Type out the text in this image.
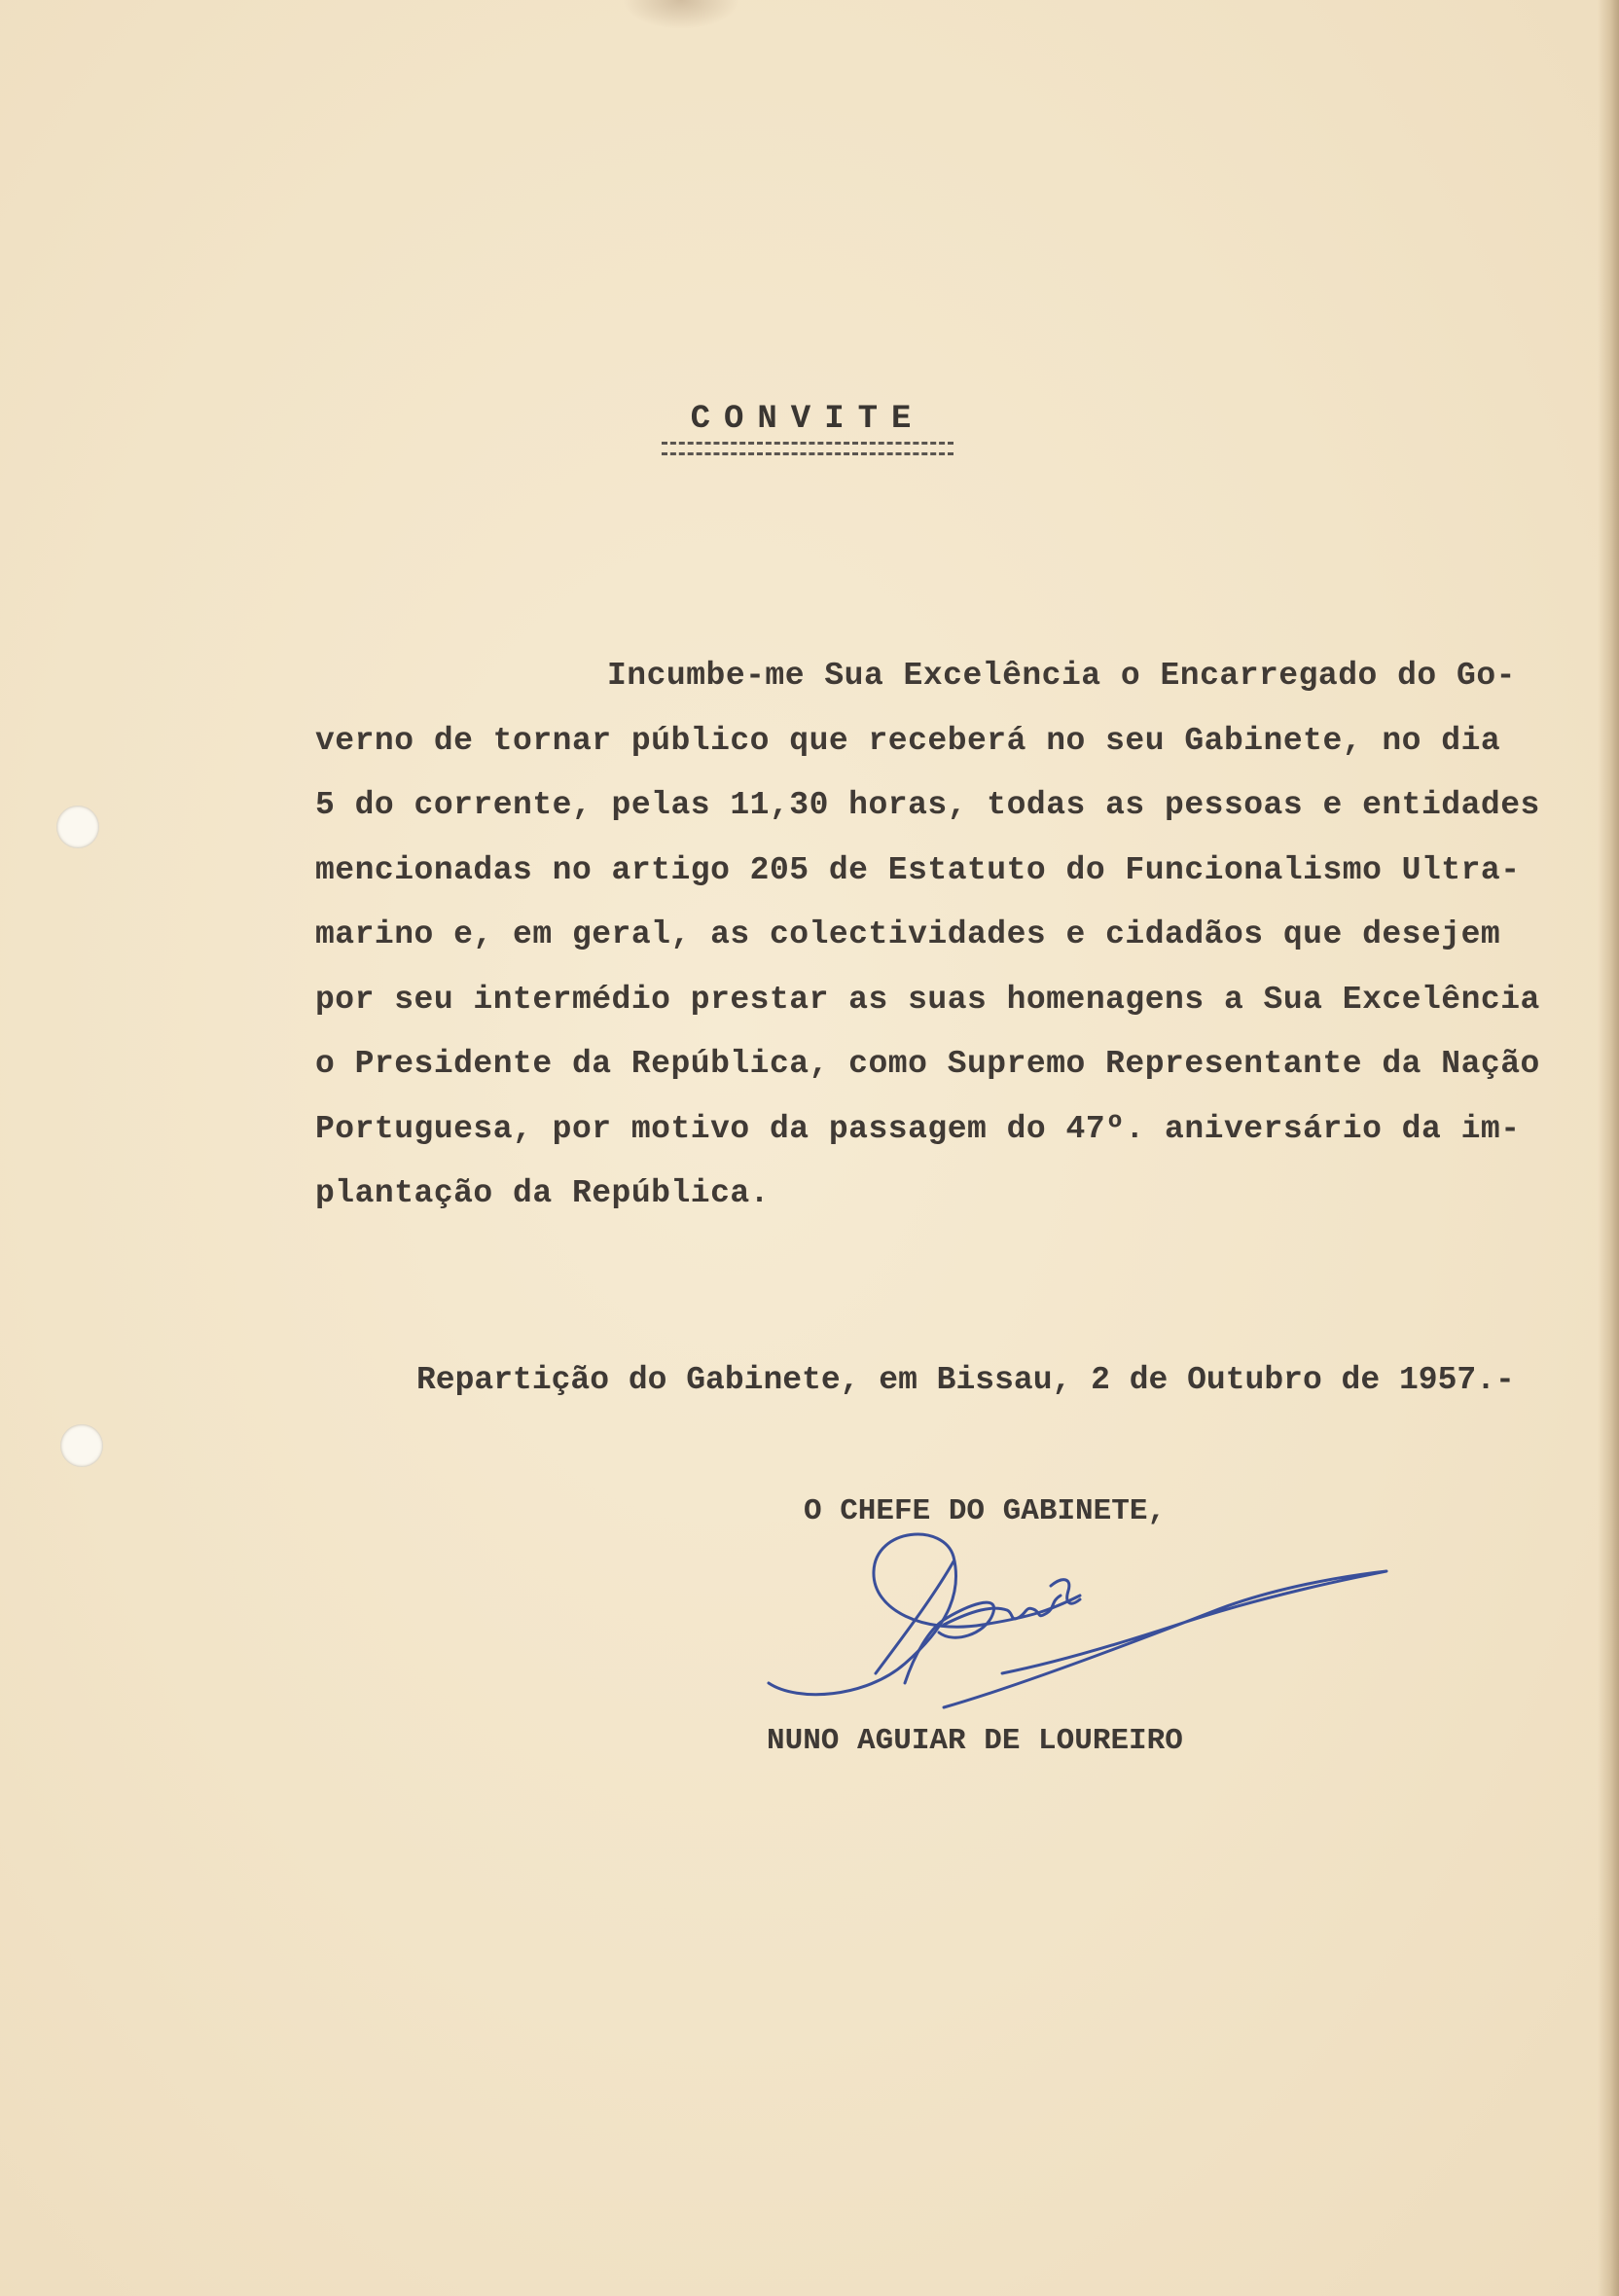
CONVITE
Incumbe-me Sua Excelência o Encarregado do Go-
verno de tornar público que receberá no seu Gabinete, no dia
5 do corrente, pelas 11,30 horas, todas as pessoas e entidades
mencionadas no artigo 205 de Estatuto do Funcionalismo Ultra-
marino e, em geral, as colectividades e cidadãos que desejem
por seu intermédio prestar as suas homenagens a Sua Excelência
o Presidente da República, como Supremo Representante da Nação
Portuguesa, por motivo da passagem do 47º. aniversário da im-
plantação da República.
Repartição do Gabinete, em Bissau, 2 de Outubro de 1957.-
O CHEFE DO GABINETE,
NUNO AGUIAR DE LOUREIRO
